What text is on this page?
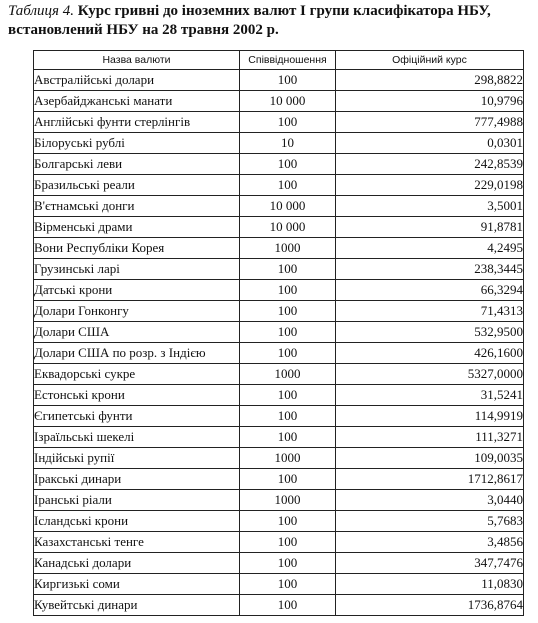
Таблиця 4. Курс гривні до іноземних валют І групи класифікатора НБУ, встановлений НБУ на 28 травня 2002 р.
Назва валюти	Співвідношення	Офіційний курс
Австралійські долари	100	298,8822
Азербайджанські манати	10 000	10,9796
Англійські фунти стерлінгів	100	777,4988
Білоруські рублі	10	0,0301
Болгарські леви	100	242,8539
Бразильські реали	100	229,0198
В'єтнамські донги	10 000	3,5001
Вірменські драми	10 000	91,8781
Вони Республіки Корея	1000	4,2495
Грузинські ларі	100	238,3445
Датські крони	100	66,3294
Долари Гонконгу	100	71,4313
Долари США	100	532,9500
Долари США по розр. з Індією	100	426,1600
Еквадорські сукре	1000	5327,0000
Естонські крони	100	31,5241
Єгипетські фунти	100	114,9919
Ізраїльські шекелі	100	111,3271
Індійські рупії	1000	109,0035
Іракські динари	100	1712,8617
Іранські ріали	1000	3,0440
Ісландські крони	100	5,7683
Казахстанські тенге	100	3,4856
Канадські долари	100	347,7476
Киргизькі соми	100	11,0830
Кувейтські динари	100	1736,8764
